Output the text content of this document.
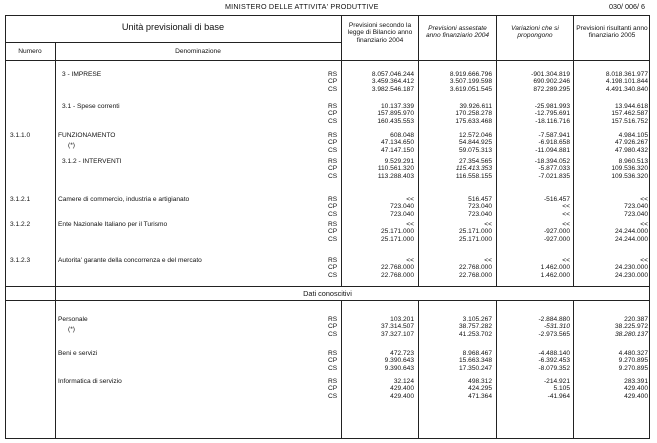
MINISTERO DELLE ATTIVITA' PRODUTTIVE	030/ 006/ 6
Unità previsionali di base
Numero	Denominazione
Previsioni secondo la legge di Bilancio anno finanziario 2004
Previsioni assestate anno finanziario 2004
Variazioni che si propongono
Previsioni risultanti anno finanziario 2005
Dati conoscitivi
3 - IMPRESE	RS	8.057.046.244	8.919.666.796	-901.304.819	8.018.361.977
CP	3.459.364.412	3.507.199.598	690.902.246	4.198.101.844
CS	3.982.546.187	3.619.051.545	872.289.295	4.491.340.840
3.1 - Spese correnti	RS	10.137.339	39.926.611	-25.981.993	13.944.618
CP	157.895.970	170.258.278	-12.795.691	157.462.587
CS	160.435.553	175.633.468	-18.116.716	157.516.752
3.1.1.0	FUNZIONAMENTO
(*)
RS	608.048	12.572.046	-7.587.941	4.984.105
CP	47.134.650	54.844.925	-6.918.658	47.926.267
CS	47.147.150	59.075.313	-11.094.881	47.980.432
3.1.2 - INTERVENTI	RS	9.529.291	27.354.565	-18.394.052	8.960.513
CP	110.561.320	115.413.353	-5.877.033	109.536.320
CS	113.288.403	116.558.155	-7.021.835	109.536.320
3.1.2.1	Camere di commercio, industria e artigianato	RS	<<	516.457	-516.457	<<
CP	723.040	723.040	<<	723.040
CS	723.040	723.040	<<	723.040
3.1.2.2	Ente Nazionale Italiano per il Turismo	RS	<<	<<	<<	<<
CP	25.171.000	25.171.000	-927.000	24.244.000
CS	25.171.000	25.171.000	-927.000	24.244.000
3.1.2.3	Autorita' garante della concorrenza e del mercato	RS	<<	<<	<<	<<
CP	22.768.000	22.768.000	1.462.000	24.230.000
CS	22.768.000	22.768.000	1.462.000	24.230.000
Personale
(*)
RS	103.201	3.105.267	-2.884.880	220.387
CP	37.314.507	38.757.282	-531.310	38.225.972
CS	37.327.107	41.253.702	-2.973.565	38.280.137
Beni e servizi	RS	472.723	8.968.467	-4.488.140	4.480.327
CP	9.390.643	15.663.348	-6.392.453	9.270.895
CS	9.390.643	17.350.247	-8.079.352	9.270.895
Informatica di servizio	RS	32.124	498.312	-214.921	283.391
CP	429.400	424.295	5.105	429.400
CS	429.400	471.364	-41.964	429.400
